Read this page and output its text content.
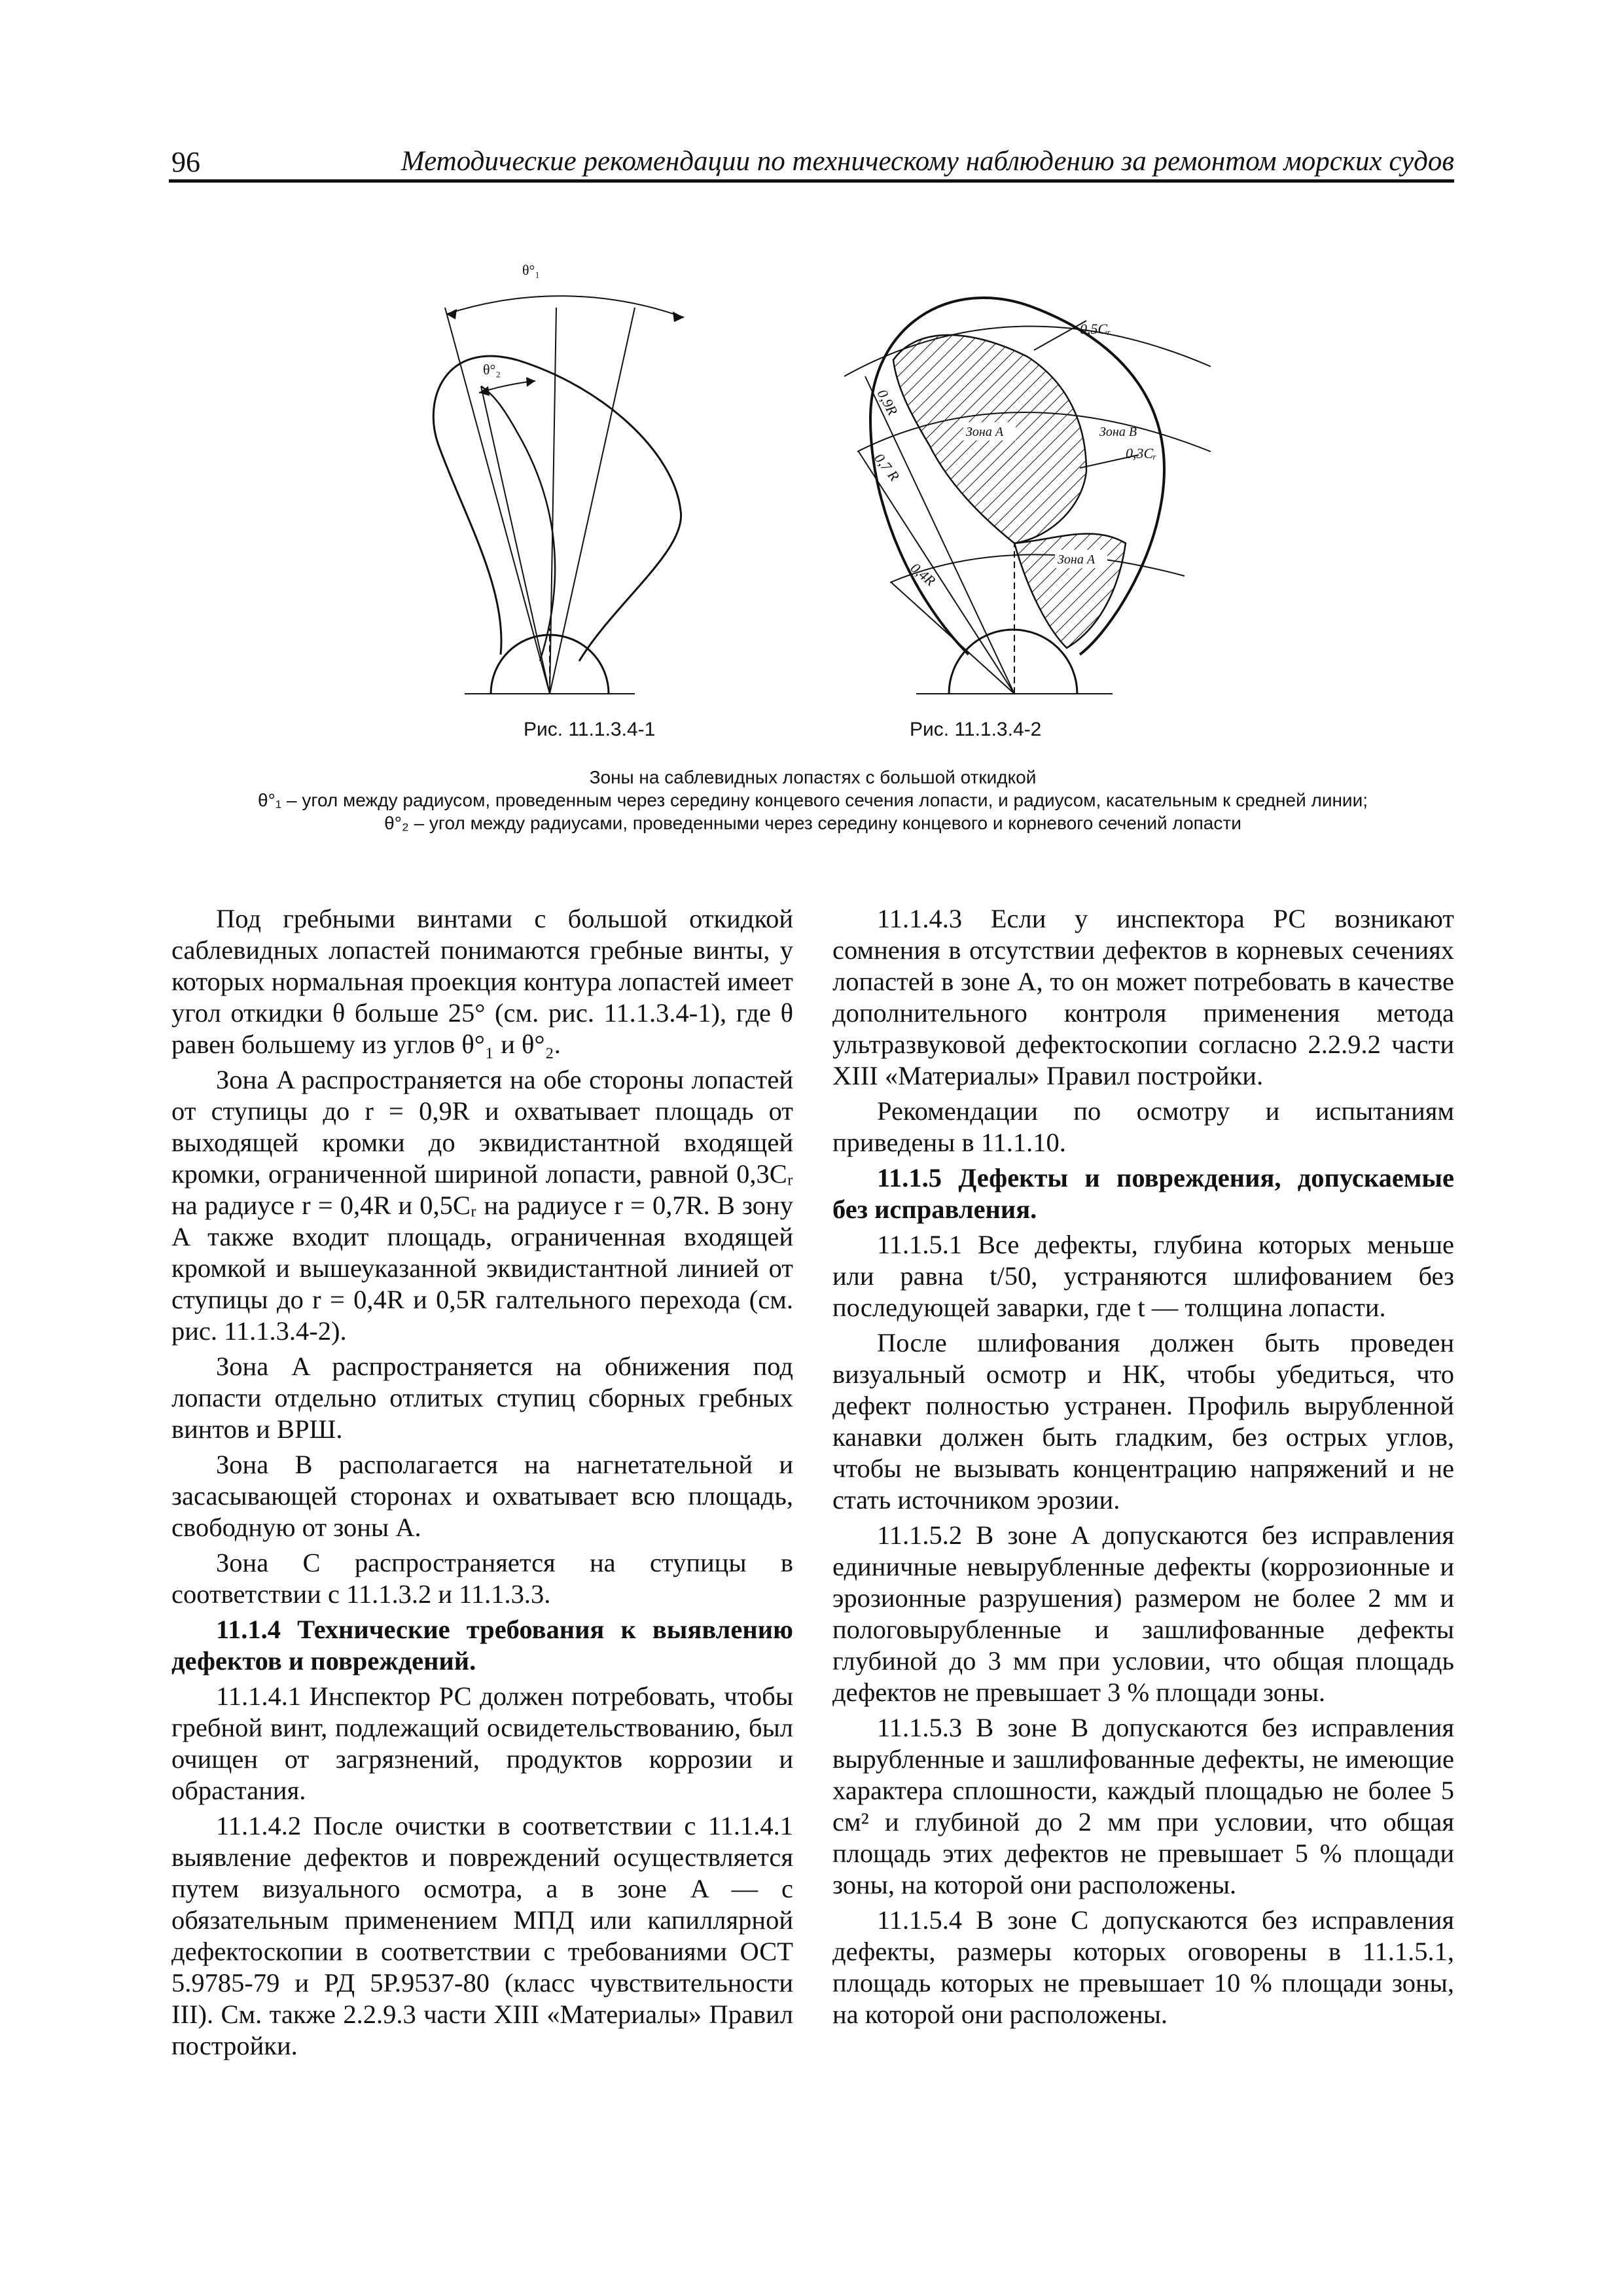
96	Методические рекомендации по техническому наблюдению за ремонтом морских судов
θ°₁
θ°₂
Рис. 11.1.3.4-1
0,5Cᵣ
0,3Cᵣ
0,9R
0,7 R
0,4R
Зона А
Зона А
Зона B
Рис. 11.1.3.4-2
Зоны на саблевидных лопастях с большой откидкой
θ°₁ – угол между радиусом, проведенным через середину концевого сечения лопасти, и радиусом, касательным к средней линии;
θ°₂ – угол между радиусами, проведенными через середину концевого и корневого сечений лопасти

Под гребными винтами с большой откидкой саблевидных лопастей понимаются гребные винты, у которых нормальная проекция контура лопастей имеет угол откидки θ больше 25° (см. рис. 11.1.3.4-1), где θ равен большему из углов θ°₁ и θ°₂.

Зона A распространяется на обе стороны лопастей от ступицы до r = 0,9R и охватывает площадь от выходящей кромки до эквидистантной входящей кромки, ограниченной шириной лопасти, равной 0,3Cᵣ на радиусе r = 0,4R и 0,5Cᵣ на радиусе r = 0,7R. В зону A также входит площадь, ограниченная входящей кромкой и вышеуказанной эквидистантной линией от ступицы до r = 0,4R и 0,5R галтельного перехода (см. рис. 11.1.3.4-2).

Зона A распространяется на обнижения под лопасти отдельно отлитых ступиц сборных гребных винтов и ВРШ.

Зона B располагается на нагнетательной и засасывающей сторонах и охватывает всю площадь, свободную от зоны A.

Зона C распространяется на ступицы в соответствии с 11.1.3.2 и 11.1.3.3.

11.1.4 Технические требования к выявлению дефектов и повреждений.

11.1.4.1 Инспектор РС должен потребовать, чтобы гребной винт, подлежащий освидетельствованию, был очищен от загрязнений, продуктов коррозии и обрастания.

11.1.4.2 После очистки в соответствии с 11.1.4.1 выявление дефектов и повреждений осуществляется путем визуального осмотра, а в зоне A — с обязательным применением МПД или капиллярной дефектоскопии в соответствии с требованиями ОСТ 5.9785-79 и РД 5Р.9537-80 (класс чувствительности III). См. также 2.2.9.3 части XIII «Материалы» Правил постройки.

11.1.4.3 Если у инспектора РС возникают сомнения в отсутствии дефектов в корневых сечениях лопастей в зоне A, то он может потребовать в качестве дополнительного контроля применения метода ультразвуковой дефектоскопии согласно 2.2.9.2 части XIII «Материалы» Правил постройки.

Рекомендации по осмотру и испытаниям приведены в 11.1.10.

11.1.5 Дефекты и повреждения, допускаемые без исправления.

11.1.5.1 Все дефекты, глубина которых меньше или равна t/50, устраняются шлифованием без последующей заварки, где t — толщина лопасти.

После шлифования должен быть проведен визуальный осмотр и НК, чтобы убедиться, что дефект полностью устранен. Профиль вырубленной канавки должен быть гладким, без острых углов, чтобы не вызывать концентрацию напряжений и не стать источником эрозии.

11.1.5.2 В зоне A допускаются без исправления единичные невырубленные дефекты (коррозионные и эрозионные разрушения) размером не более 2 мм и пологовырубленные и зашлифованные дефекты глубиной до 3 мм при условии, что общая площадь дефектов не превышает 3 % площади зоны.

11.1.5.3 В зоне B допускаются без исправления вырубленные и зашлифованные дефекты, не имеющие характера сплошности, каждый площадью не более 5 см² и глубиной до 2 мм при условии, что общая площадь этих дефектов не превышает 5 % площади зоны, на которой они расположены.

11.1.5.4 В зоне C допускаются без исправления дефекты, размеры которых оговорены в 11.1.5.1, площадь которых не превышает 10 % площади зоны, на которой они расположены.
